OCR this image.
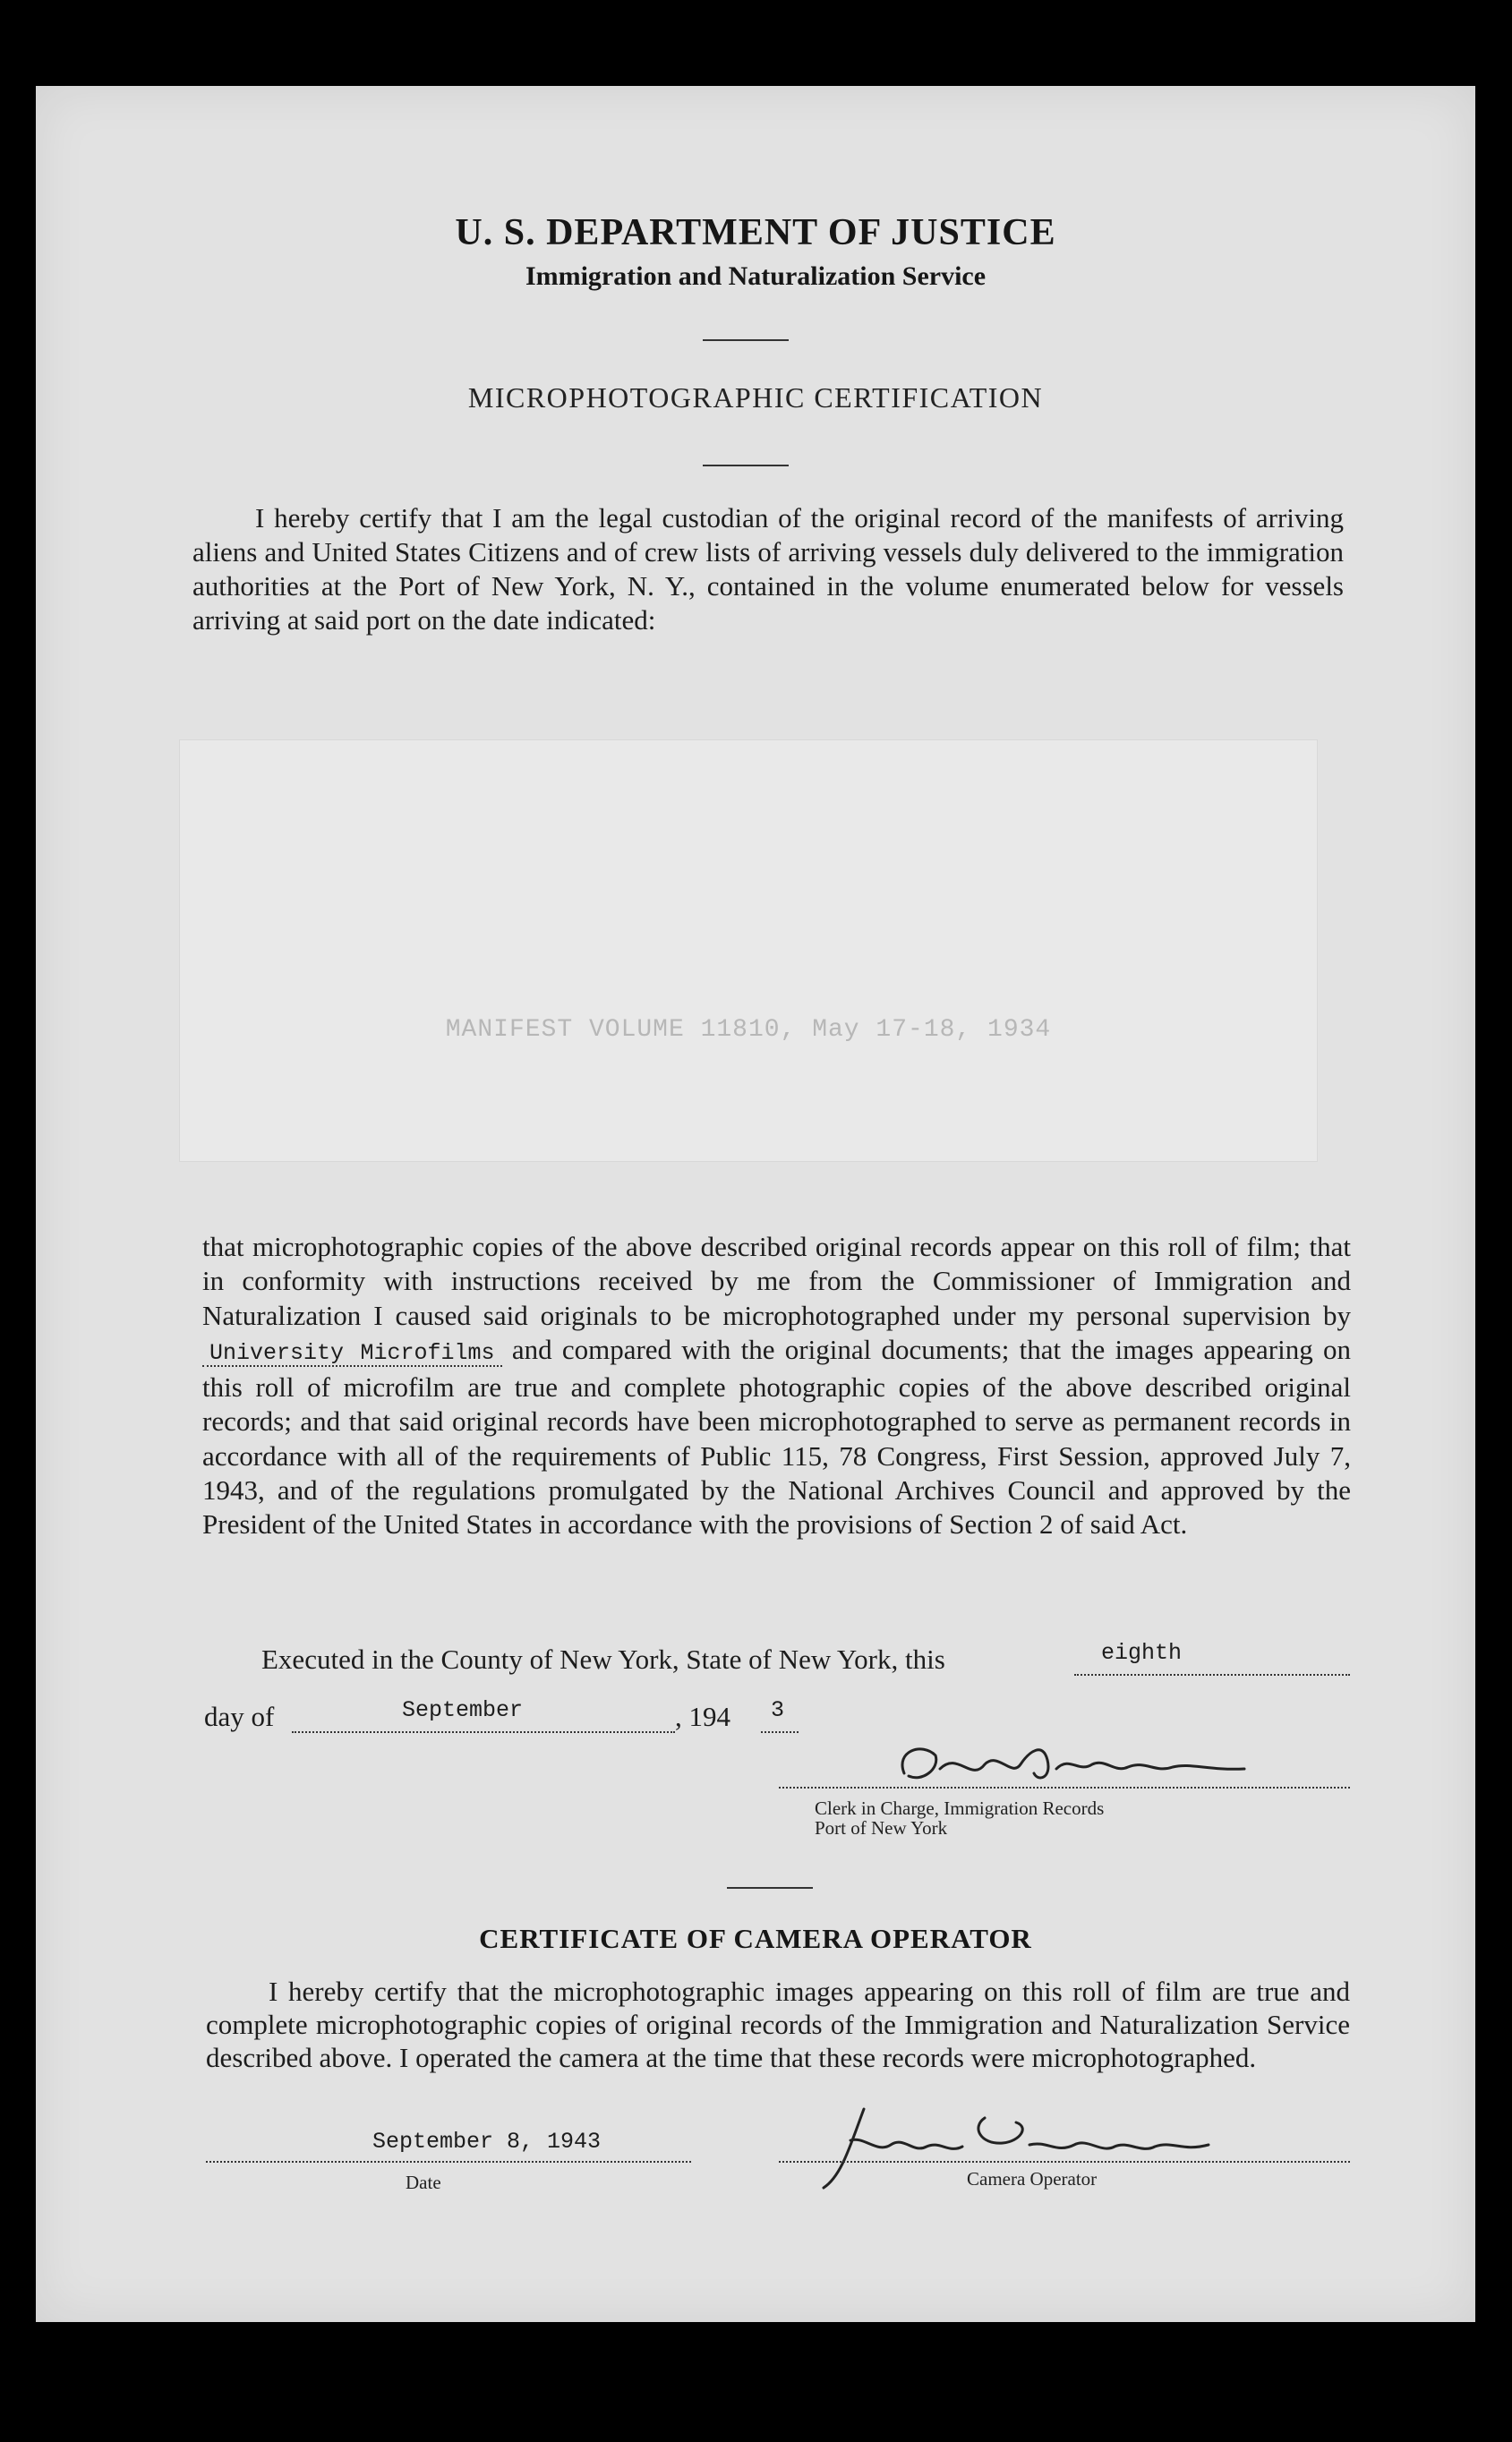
U. S. DEPARTMENT OF JUSTICE
Immigration and Naturalization Service
MICROPHOTOGRAPHIC CERTIFICATION
I hereby certify that I am the legal custodian of the original record of the manifests of arriving aliens and United States Citizens and of crew lists of arriving vessels duly delivered to the immigration authorities at the Port of New York, N. Y., contained in the volume enumerated below for vessels arriving at said port on the date indicated:
MANIFEST VOLUME 11810, May 17-18, 1934
that microphotographic copies of the above described original records appear on this roll of film; that in conformity with instructions received by me from the Commissioner of Immigration and Naturalization I caused said originals to be microphotographed under my personal supervision by University Microfilms and compared with the original documents; that the images appearing on this roll of microfilm are true and complete photographic copies of the above described original records; and that said original records have been microphotographed to serve as permanent records in accordance with all of the requirements of Public 115, 78 Congress, First Session, approved July 7, 1943, and of the regulations promulgated by the National Archives Council and approved by the President of the United States in accordance with the provisions of Section 2 of said Act.
Executed in the County of New York, State of New York, this	eighth
day of	September	, 194 3
Clerk in Charge, Immigration Records
Port of New York
CERTIFICATE OF CAMERA OPERATOR
I hereby certify that the microphotographic images appearing on this roll of film are true and complete microphotographic copies of original records of the Immigration and Naturalization Service described above. I operated the camera at the time that these records were microphotographed.
September 8, 1943
Date	Camera Operator
